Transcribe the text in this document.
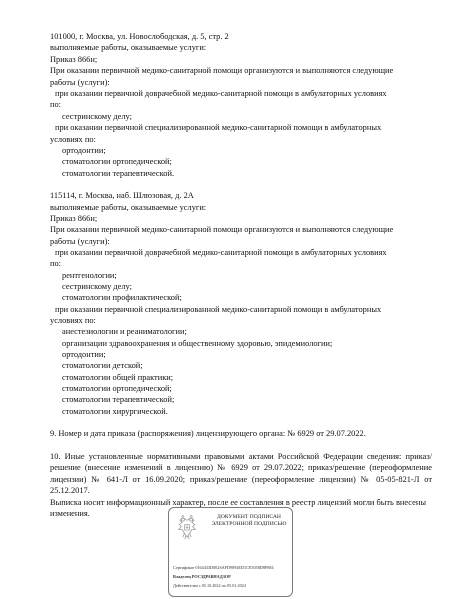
101000, г. Москва, ул. Новослободская, д. 5, стр. 2

выполняемые работы, оказываемые услуги:

Приказ 866н;

При оказании первичной медико-санитарной помощи организуются и выполняются следующие

работы (услуги):

при оказании первичной доврачебной медико-санитарной помощи в амбулаторных условиях

по:

сестринскому делу;

при оказании первичной специализированной медико-санитарной помощи в амбулаторных

условиях по:

ортодонтии;

стоматологии ортопедической;

стоматологии терапевтической.

115114, г. Москва, наб. Шлюзовая, д. 2А

выполняемые работы, оказываемые услуги:

Приказ 866н;

При оказании первичной медико-санитарной помощи организуются и выполняются следующие

работы (услуги):

при оказании первичной доврачебной медико-санитарной помощи в амбулаторных условиях

по:

рентгенологии;

сестринскому делу;

стоматологии профилактической;

при оказании первичной специализированной медико-санитарной помощи в амбулаторных

условиях по:

анестезиологии и реаниматологии;

организации здравоохранения и общественному здоровью, эпидемиологии;

ортодонтии;

стоматологии детской;

стоматологии общей практики;

стоматологии ортопедической;

стоматологии терапевтической;

стоматологии хирургической.

9. Номер и дата приказа (распоряжения) лицензирующего органа: № 6929 от 29.07.2022.

10. Иные установленные нормативными правовыми актами Российской Федерации сведения: приказ/решение (внесение изменений в лицензию) № 6929 от 29.07.2022; приказ/решение (переоформление лицензии) № 641-Л от 16.09.2020; приказ/решение (переоформление лицензии) № 05-05-821-Л от 25.12.2017.

Выписка носит информационный характер, после ее составления в реестр лицензий могли быть внесены изменения.	ДОКУМЕНТ ПОДПИСАН
ЭЛЕКТРОННОЙ ПОДПИСЬЮ
Сертификат 0164433D002SAFD9894ED1CE5058D8F884
Владелец РОСЗДРАВНАДЗОР
Действителен с 05.10.2022 по 05.01.2024
